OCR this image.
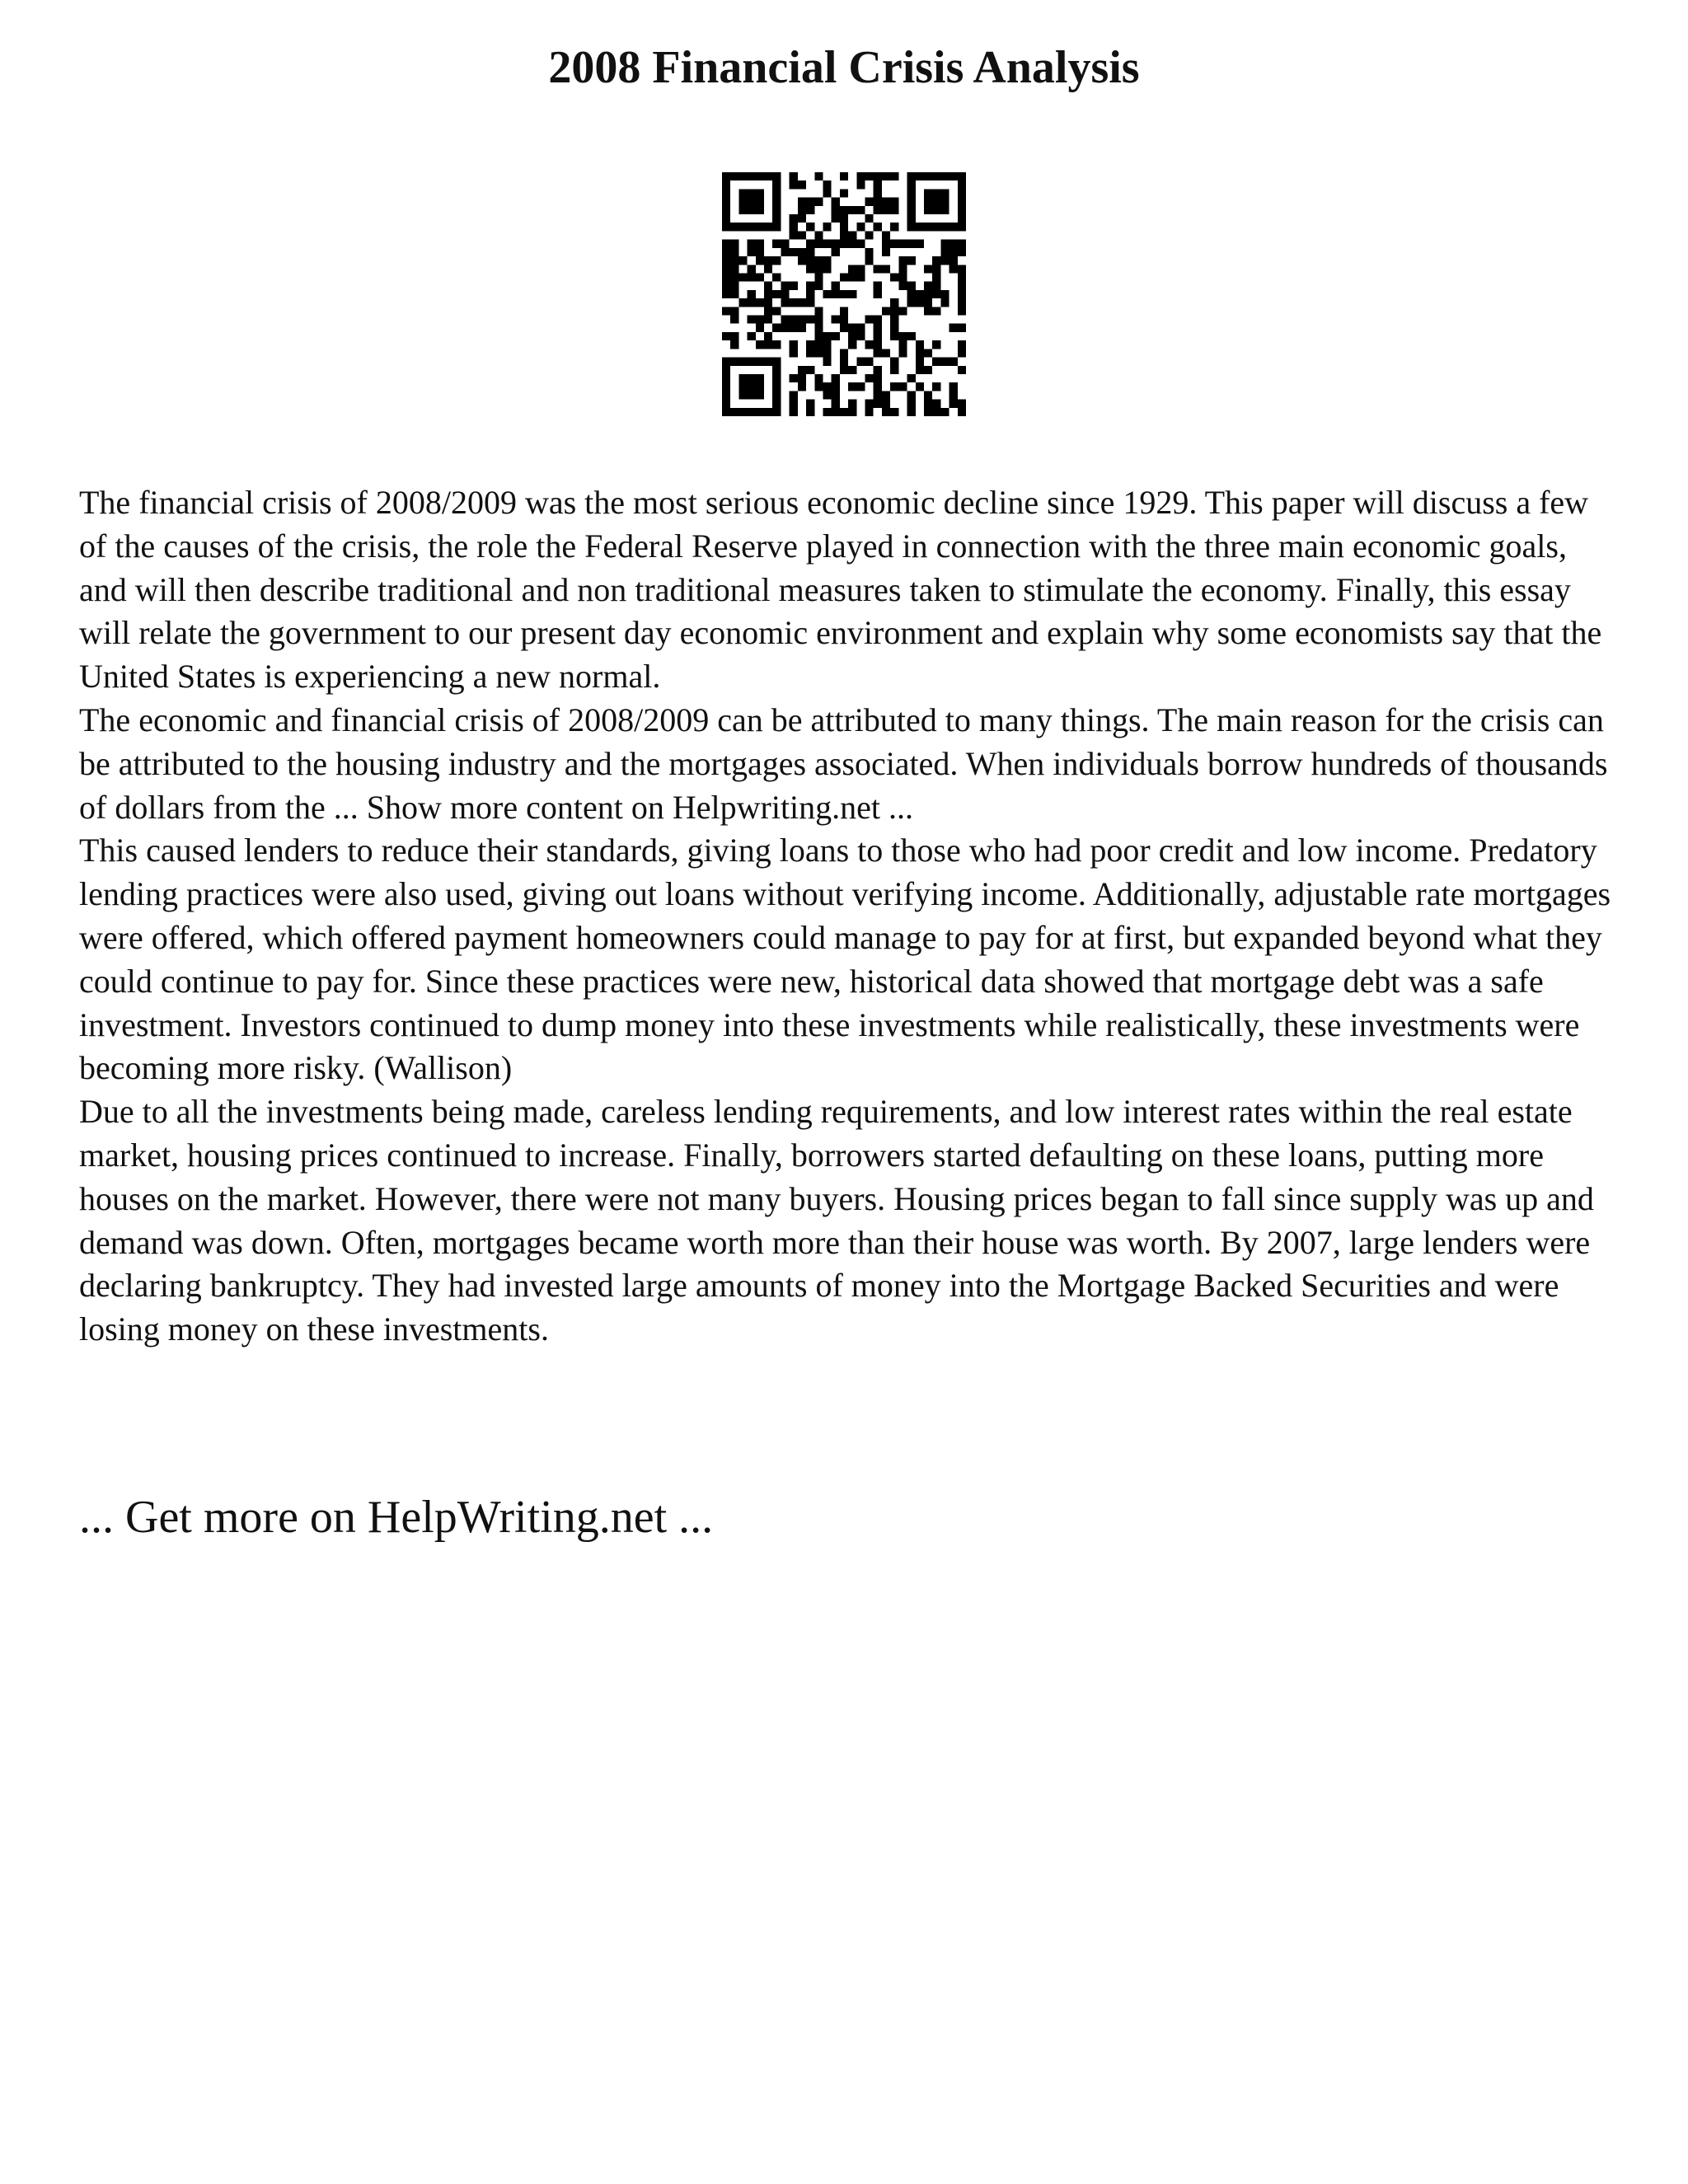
2008 Financial Crisis Analysis

The financial crisis of 2008/2009 was the most serious economic decline since 1929. This paper will discuss a few of the causes of the crisis, the role the Federal Reserve played in connection with the three main economic goals, and will then describe traditional and non traditional measures taken to stimulate the economy. Finally, this essay will relate the government to our present day economic environment and explain why some economists say that the United States is experiencing a new normal.

The economic and financial crisis of 2008/2009 can be attributed to many things. The main reason for the crisis can be attributed to the housing industry and the mortgages associated. When individuals borrow hundreds of thousands of dollars from the ... Show more content on Helpwriting.net ...

This caused lenders to reduce their standards, giving loans to those who had poor credit and low income. Predatory lending practices were also used, giving out loans without verifying income. Additionally, adjustable rate mortgages were offered, which offered payment homeowners could manage to pay for at first, but expanded beyond what they could continue to pay for. Since these practices were new, historical data showed that mortgage debt was a safe investment. Investors continued to dump money into these investments while realistically, these investments were becoming more risky. (Wallison)

Due to all the investments being made, careless lending requirements, and low interest rates within the real estate market, housing prices continued to increase. Finally, borrowers started defaulting on these loans, putting more houses on the market. However, there were not many buyers. Housing prices began to fall since supply was up and demand was down. Often, mortgages became worth more than their house was worth. By 2007, large lenders were declaring bankruptcy. They had invested large amounts of money into the Mortgage Backed Securities and were losing money on these investments.

... Get more on HelpWriting.net ...
